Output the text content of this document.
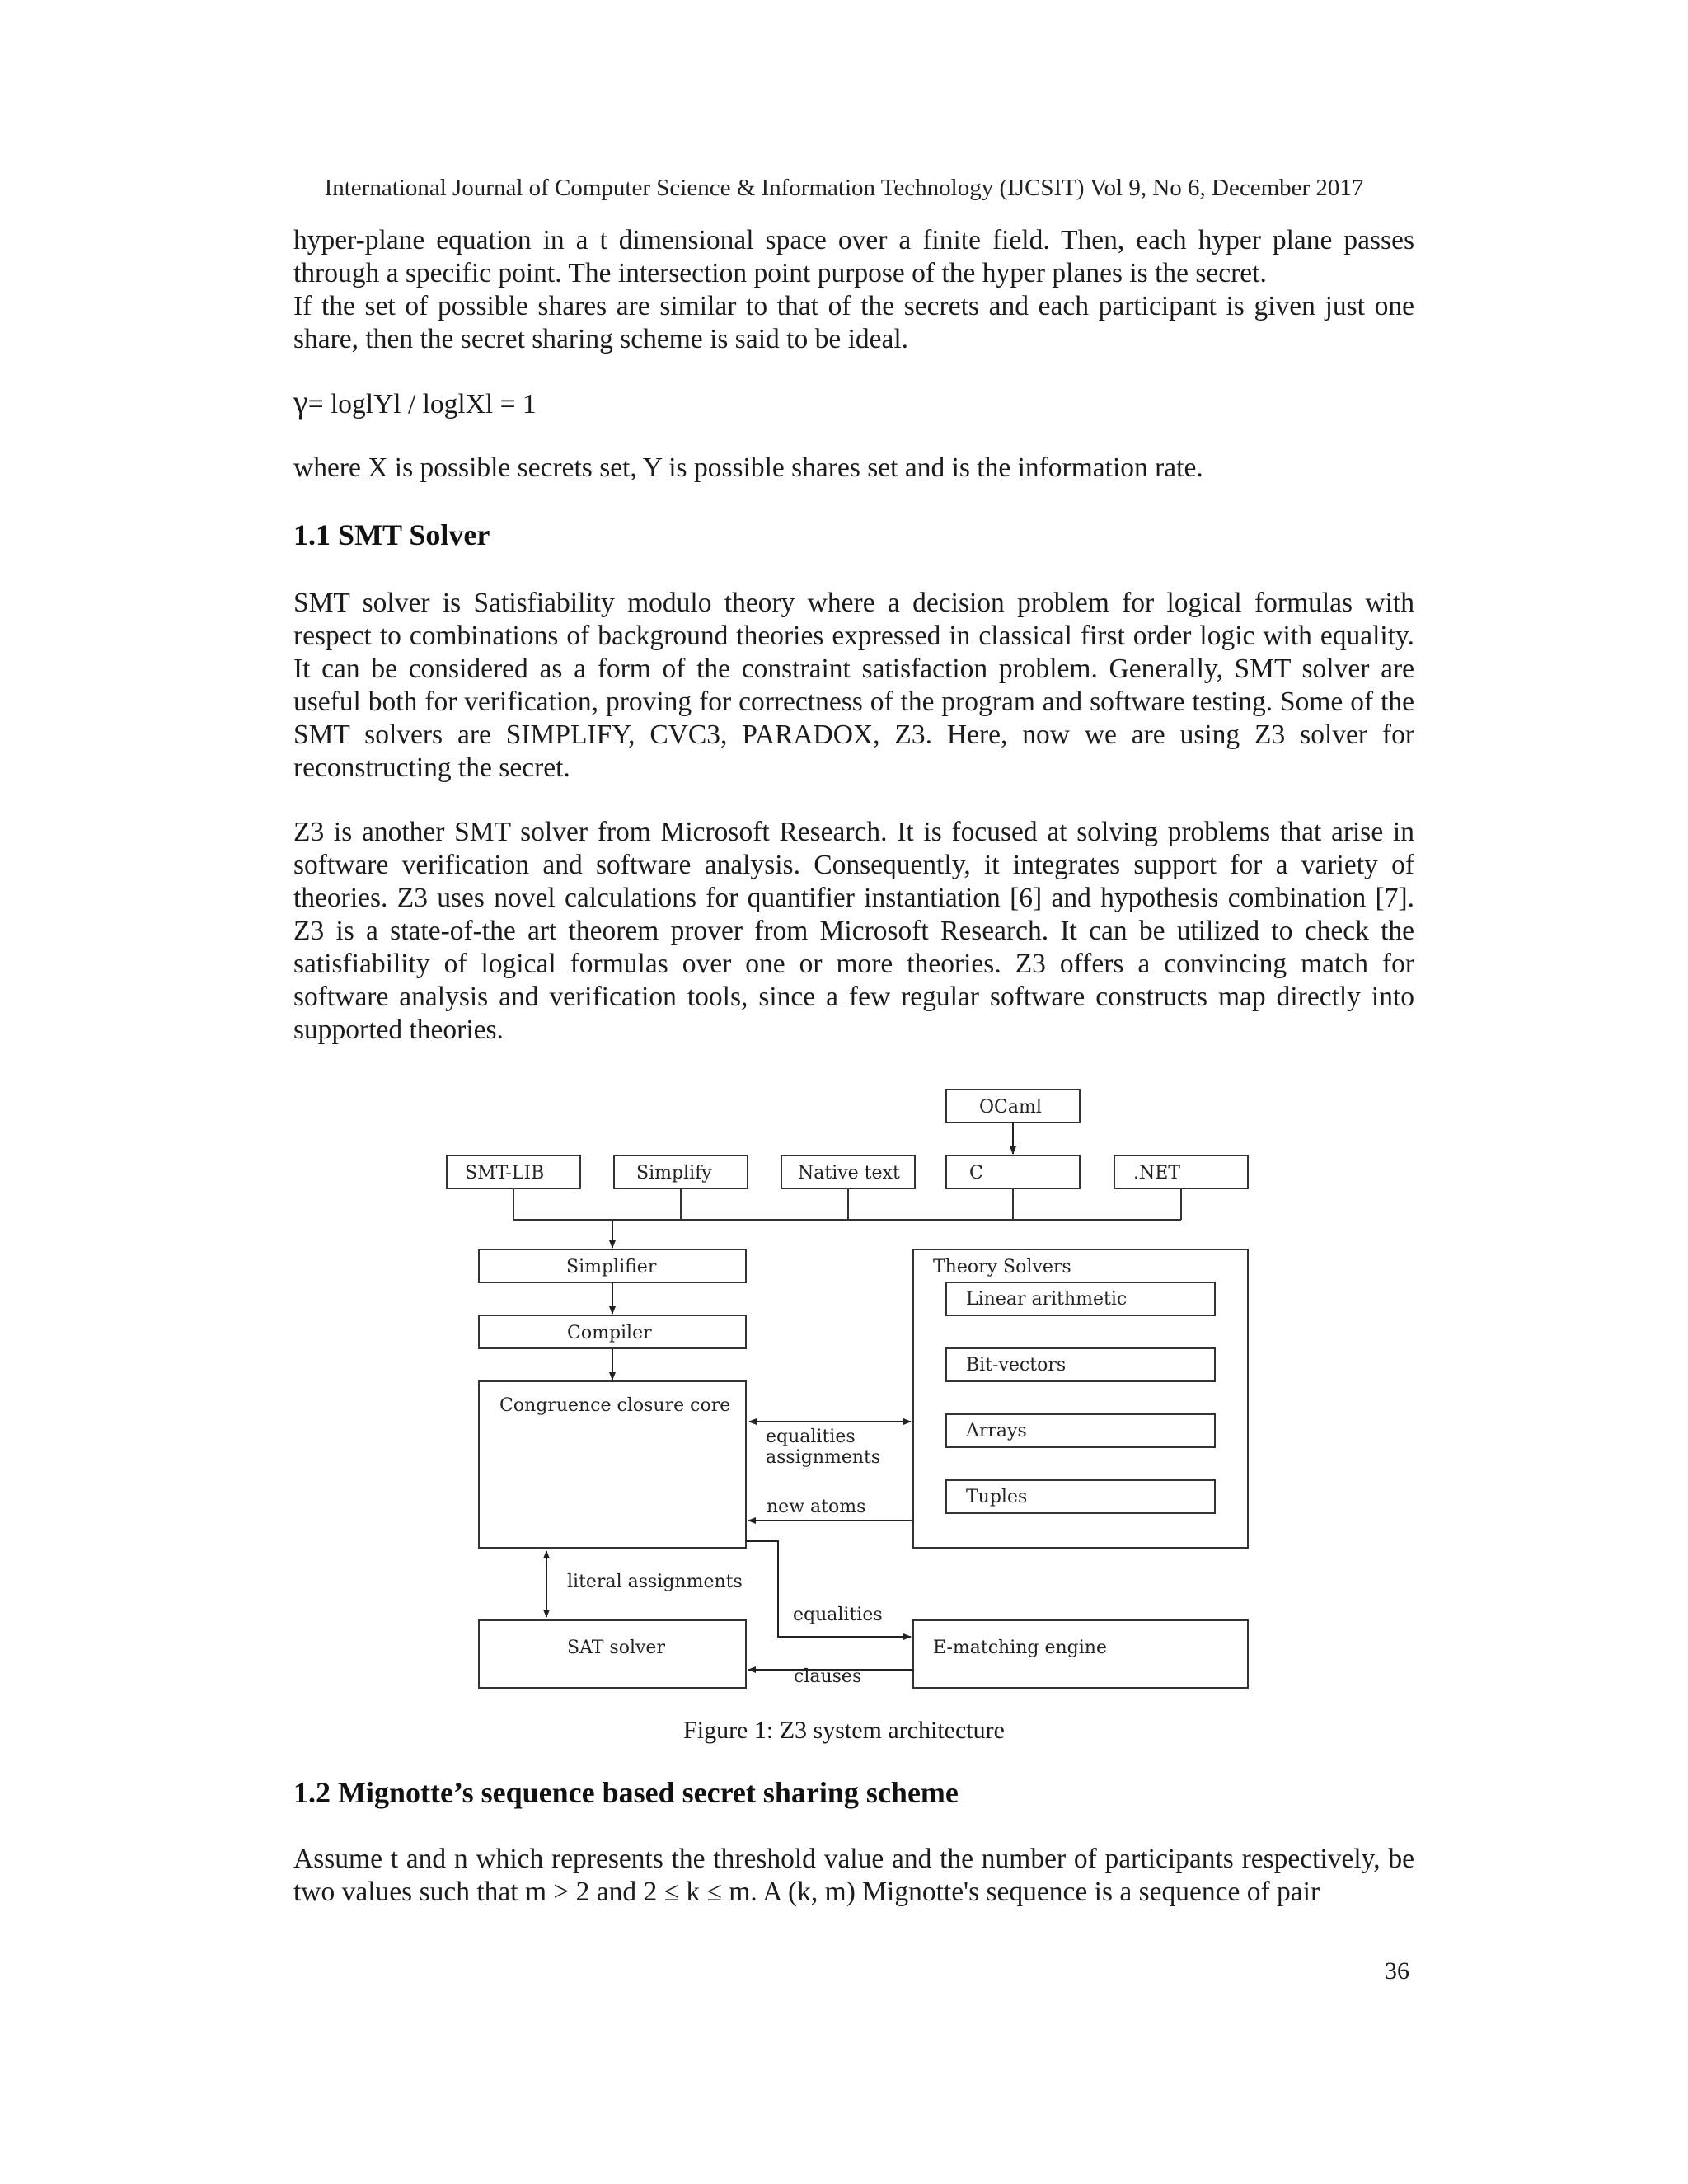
International Journal of Computer Science & Information Technology (IJCSIT) Vol 9, No 6, December 2017

hyper-plane equation in a t dimensional space over a finite field. Then, each hyper plane passes through a specific point. The intersection point purpose of the hyper planes is the secret.

If the set of possible shares are similar to that of the secrets and each participant is given just one share, then the secret sharing scheme is said to be ideal.

γ= loglYl / loglXl = 1
where X is possible secrets set, Y is possible shares set and is the information rate.
1.1 SMT Solver
SMT solver is Satisfiability modulo theory where a decision problem for logical formulas with respect to combinations of background theories expressed in classical first order logic with equality. It can be considered as a form of the constraint satisfaction problem. Generally, SMT solver are useful both for verification, proving for correctness of the program and software testing. Some of the SMT solvers are SIMPLIFY, CVC3, PARADOX, Z3. Here, now we are using Z3 solver for reconstructing the secret.
Z3 is another SMT solver from Microsoft Research. It is focused at solving problems that arise in software verification and software analysis. Consequently, it integrates support for a variety of theories. Z3 uses novel calculations for quantifier instantiation [6] and hypothesis combination [7]. Z3 is a state-of-the art theorem prover from Microsoft Research. It can be utilized to check the satisfiability of logical formulas over one or more theories. Z3 offers a convincing match for software analysis and verification tools, since a few regular software constructs map directly into supported theories.
OCaml
SMT-LIB	Simplify	Native text	C	.NET
Simplifier
Compiler
Congruence closure core
Theory Solvers
Linear arithmetic
Bit-vectors
Arrays
Tuples
equalities
assignments
new atoms
literal assignments
equalities
clauses
SAT solver	E-matching engine
Figure 1: Z3 system architecture
1.2 Mignotte’s sequence based secret sharing scheme
Assume t and n which represents the threshold value and the number of participants respectively, be two values such that m > 2 and 2 ≤ k ≤ m. A (k, m) Mignotte's sequence is a sequence of pair
36
